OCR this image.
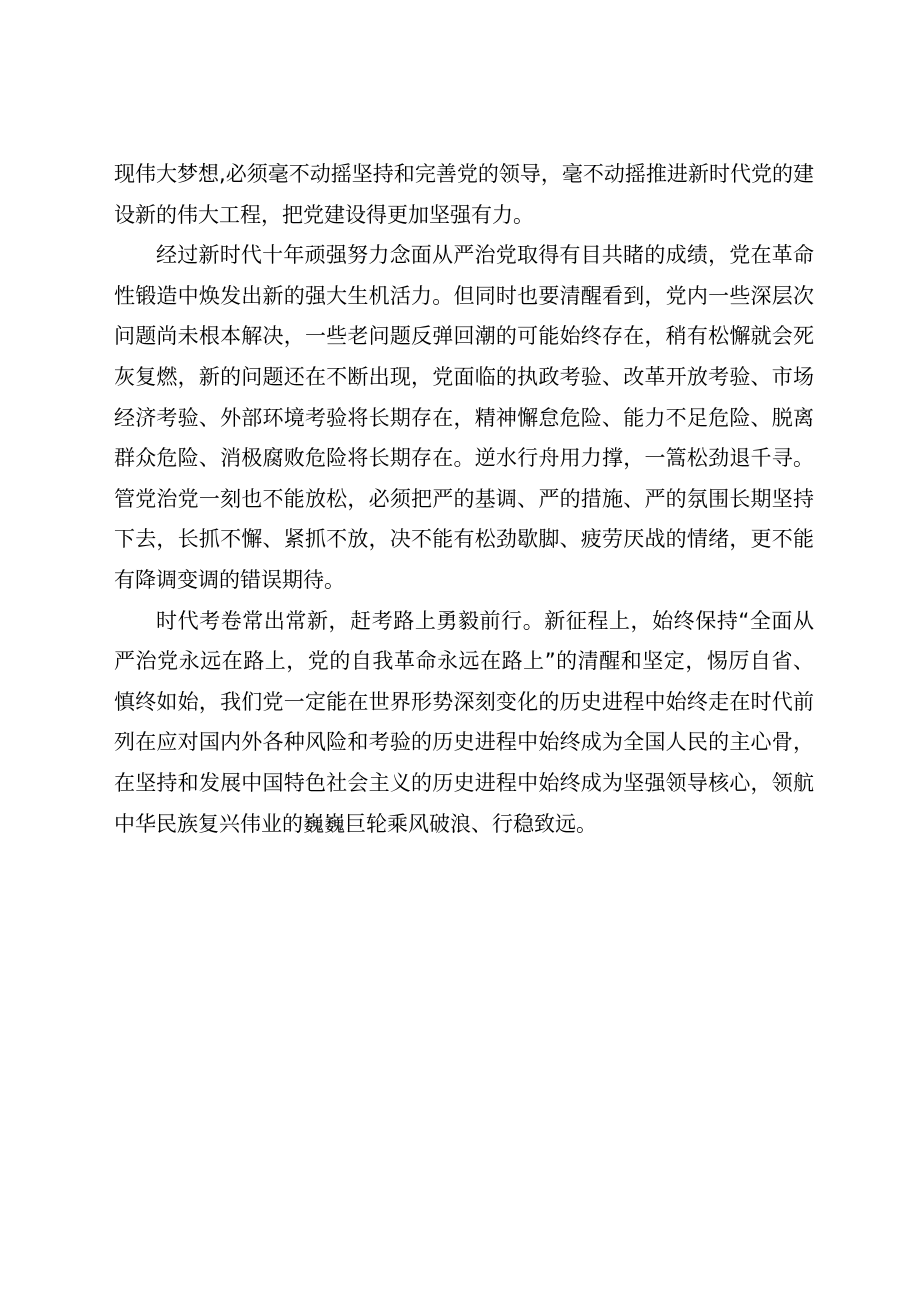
现伟大梦想,必须毫不动摇坚持和完善党的领导，毫不动摇推进新时代党的建设新的伟大工程，把党建设得更加坚强有力。

经过新时代十年顽强努力念面从严治党取得有目共睹的成绩，党在革命性锻造中焕发出新的强大生机活力。但同时也要清醒看到，党内一些深层次问题尚未根本解决，一些老问题反弹回潮的可能始终存在，稍有松懈就会死灰复燃，新的问题还在不断出现，党面临的执政考验、改革开放考验、市场经济考验、外部环境考验将长期存在，精神懈怠危险、能力不足危险、脱离群众危险、消极腐败危险将长期存在。逆水行舟用力撑，一篙松劲退千寻。管党治党一刻也不能放松，必须把严的基调、严的措施、严的氛围长期坚持下去，长抓不懈、紧抓不放，决不能有松劲歇脚、疲劳厌战的情绪，更不能有降调变调的错误期待。

时代考卷常出常新，赶考路上勇毅前行。新征程上，始终保持“全面从严治党永远在路上，党的自我革命永远在路上”的清醒和坚定，惕厉自省、慎终如始，我们党一定能在世界形势深刻变化的历史进程中始终走在时代前列在应对国内外各种风险和考验的历史进程中始终成为全国人民的主心骨，在坚持和发展中国特色社会主义的历史进程中始终成为坚强领导核心，领航中华民族复兴伟业的巍巍巨轮乘风破浪、行稳致远。
